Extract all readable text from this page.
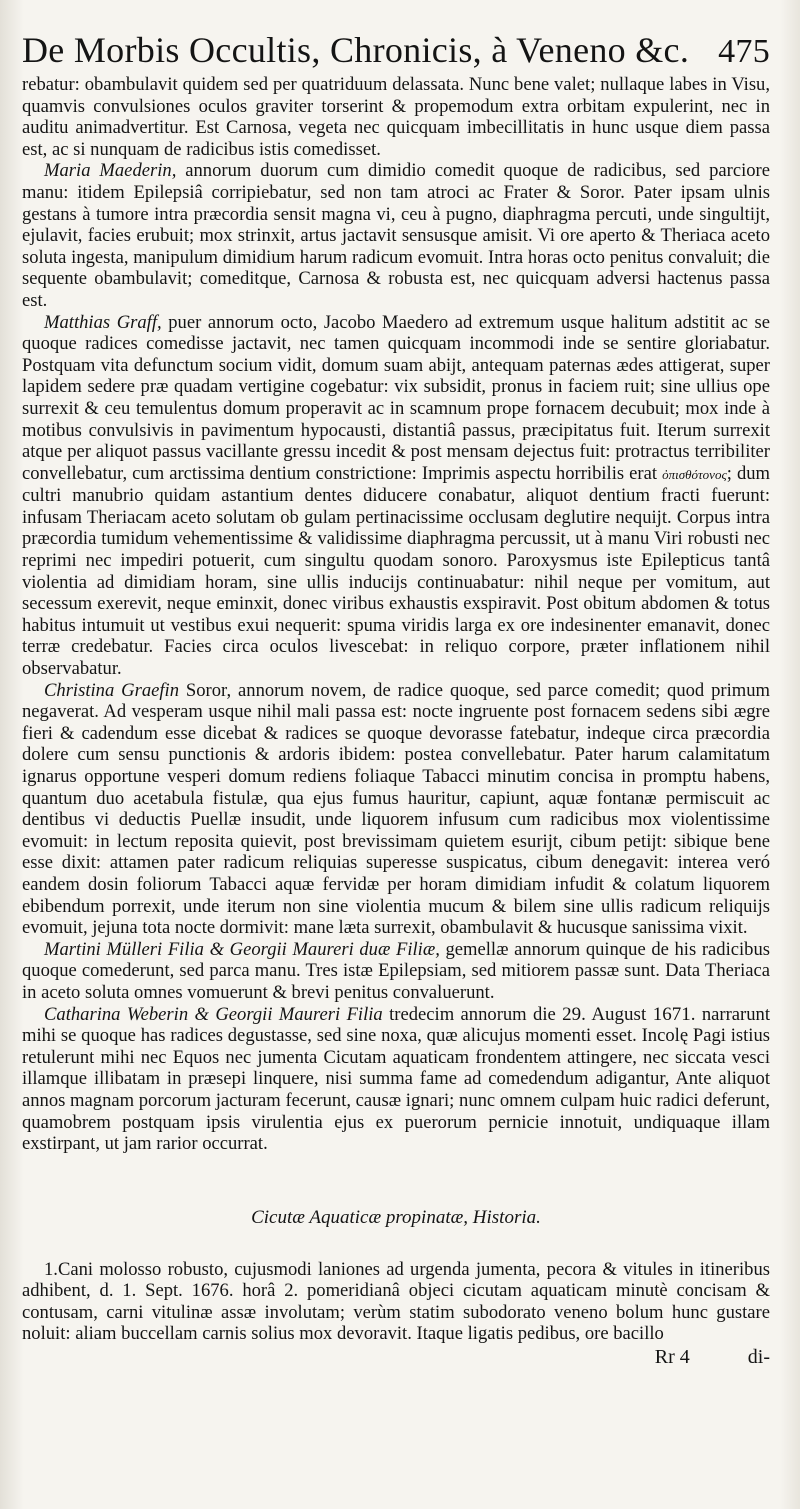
De Morbis Occultis, Chronicis, à Veneno &c. 475

rebatur: obambulavit quidem sed per quatriduum delassata. Nunc bene valet; nullaque labes in Visu, quamvis convulsiones oculos graviter torserint & propemodum extra orbitam expulerint, nec in auditu animadvertitur. Est Carnosa, vegeta nec quicquam imbecillitatis in hunc usque diem passa est, ac si nunquam de radicibus istis comedisset.

Maria Maederin, annorum duorum cum dimidio comedit quoque de radicibus, sed parciore manu: itidem Epilepsiâ corripiebatur, sed non tam atroci ac Frater & Soror. Pater ipsam ulnis gestans à tumore intra præcordia sensit magna vi, ceu à pugno, diaphragma percuti, unde singultijt, ejulavit, facies erubuit; mox strinxit, artus jactavit sensusque amisit. Vi ore aperto & Theriaca aceto soluta ingesta, manipulum dimidium harum radicum evomuit. Intra horas octo penitus convaluit; die sequente obambulavit; comeditque, Carnosa & robusta est, nec quicquam adversi hactenus passa est.

Matthias Graff, puer annorum octo, Jacobo Maedero ad extremum usque halitum adstitit ac se quoque radices comedisse jactavit, nec tamen quicquam incommodi inde se sentire gloriabatur. Postquam vita defunctum socium vidit, domum suam abijt, antequam paternas ædes attigerat, super lapidem sedere præ quadam vertigine cogebatur: vix subsidit, pronus in faciem ruit; sine ullius ope surrexit & ceu temulentus domum properavit ac in scamnum prope fornacem decubuit; mox inde à motibus convulsivis in pavimentum hypocausti, distantiâ passus, præcipitatus fuit. Iterum surrexit atque per aliquot passus vacillante gressu incedit & post mensam dejectus fuit: protractus terribiliter convellebatur, cum arctissima dentium constrictione: Imprimis aspectu horribilis erat ὀπισθότονος; dum cultri manubrio quidam astantium dentes diducere conabatur, aliquot dentium fracti fuerunt: infusam Theriacam aceto solutam ob gulam pertinacissime occlusam deglutire nequijt. Corpus intra præcordia tumidum vehementissime & validissime diaphragma percussit, ut à manu Viri robusti nec reprimi nec impediri potuerit, cum singultu quodam sonoro. Paroxysmus iste Epilepticus tantâ violentia ad dimidiam horam, sine ullis inducijs continuabatur: nihil neque per vomitum, aut secessum exerevit, neque eminxit, donec viribus exhaustis exspiravit. Post obitum abdomen & totus habitus intumuit ut vestibus exui nequerit: spuma viridis larga ex ore indesinenter emanavit, donec terræ credebatur. Facies circa oculos livescebat: in reliquo corpore, præter inflationem nihil observabatur.

Christina Graefin Soror, annorum novem, de radice quoque, sed parce comedit; quod primum negaverat. Ad vesperam usque nihil mali passa est: nocte ingruente post fornacem sedens sibi ægre fieri & cadendum esse dicebat & radices se quoque devorasse fatebatur, indeque circa præcordia dolere cum sensu punctionis & ardoris ibidem: postea convellebatur. Pater harum calamitatum ignarus opportune vesperi domum rediens foliaque Tabacci minutim concisa in promptu habens, quantum duo acetabula fistulæ, qua ejus fumus hauritur, capiunt, aquæ fontanæ permiscuit ac dentibus vi deductis Puellæ insudit, unde liquorem infusum cum radicibus mox violentissime evomuit: in lectum reposita quievit, post brevissimam quietem esurijt, cibum petijt: sibique bene esse dixit: attamen pater radicum reliquias superesse suspicatus, cibum denegavit: interea veró eandem dosin foliorum Tabacci aquæ fervidæ per horam dimidiam infudit & colatum liquorem ebibendum porrexit, unde iterum non sine violentia mucum & bilem sine ullis radicum reliquijs evomuit, jejuna tota nocte dormivit: mane læta surrexit, obambulavit & hucusque sanissima vixit.

Martini Mülleri Filia & Georgii Maureri duæ Filiæ, gemellæ annorum quinque de his radicibus quoque comederunt, sed parca manu. Tres istæ Epilepsiam, sed mitiorem passæ sunt. Data Theriaca in aceto soluta omnes vomuerunt & brevi penitus convaluerunt.

Catharina Weberin & Georgii Maureri Filia tredecim annorum die 29. August 1671. narrarunt mihi se quoque has radices degustasse, sed sine noxa, quæ alicujus momenti esset. Incolę Pagi istius retulerunt mihi nec Equos nec jumenta Cicutam aquaticam frondentem attingere, nec siccata vesci illamque illibatam in præsepi linquere, nisi summa fame ad comedendum adigantur, Ante aliquot annos magnam porcorum jacturam fecerunt, causæ ignari; nunc omnem culpam huic radici deferunt, quamobrem postquam ipsis virulentia ejus ex puerorum pernicie innotuit, undiquaque illam exstirpant, ut jam rarior occurrat.

Cicutæ Aquaticæ propinatæ, Historia.

1.Cani molosso robusto, cujusmodi laniones ad urgenda jumenta, pecora & vitules in itineribus adhibent, d. 1. Sept. 1676. horâ 2. pomeridianâ objeci cicutam aquaticam minutè concisam & contusam, carni vitulinæ assæ involutam; verùm statim subodorato veneno bolum hunc gustare noluit: aliam buccellam carnis solius mox devoravit. Itaque ligatis pedibus, ore bacillo

Rr 4	di-
